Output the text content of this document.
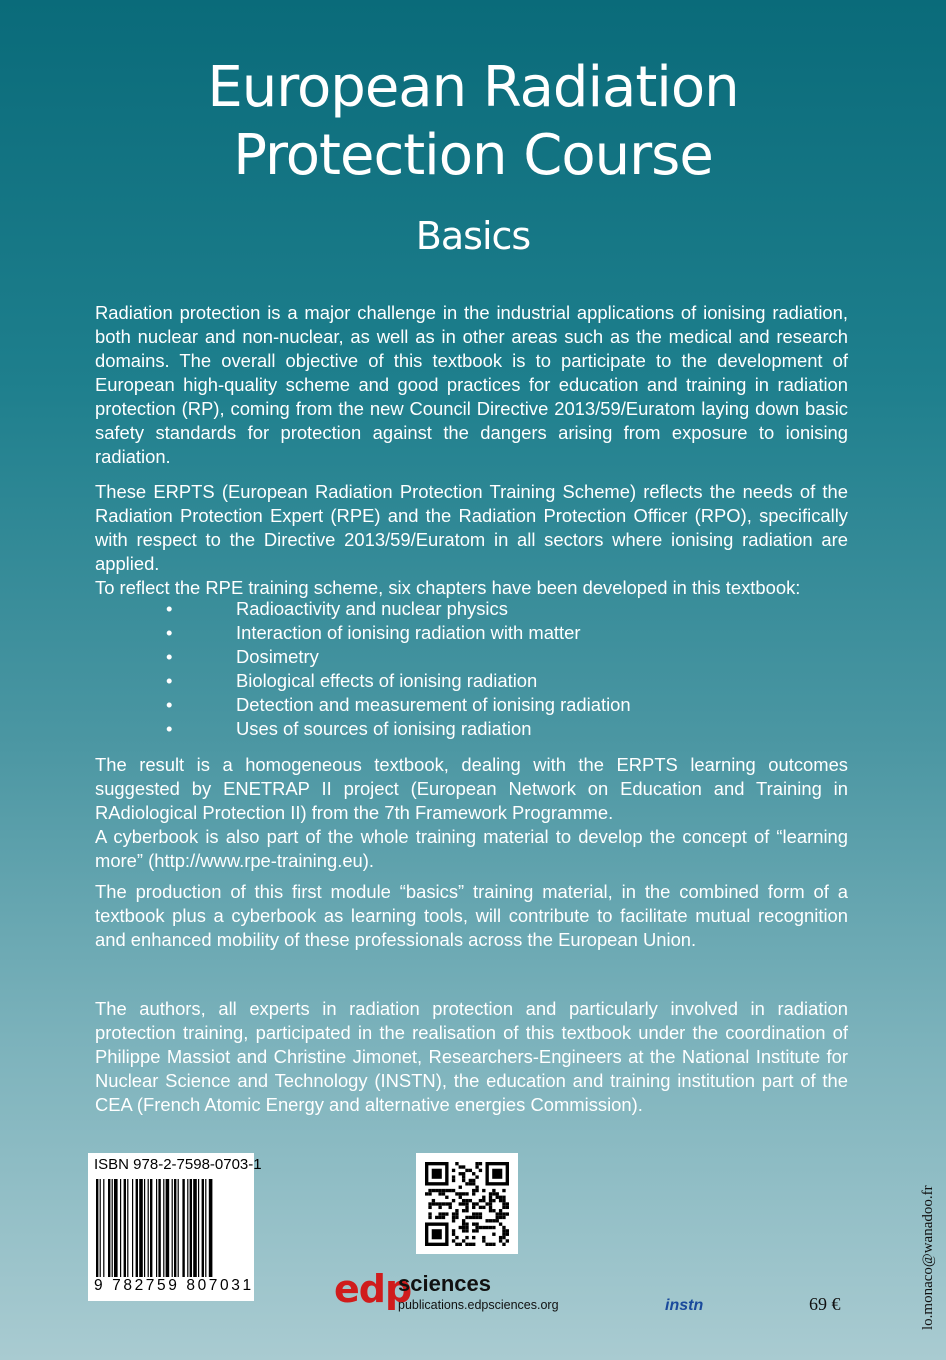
European Radiation
Protection Course
Basics

Radiation protection is a major challenge in the industrial applications of ionising radiation, both nuclear and non-nuclear, as well as in other areas such as the medical and research domains. The overall objective of this textbook is to participate to the development of European high-quality scheme and good practices for education and training in radiation protection (RP), coming from the new Council Directive 2013/59/Euratom laying down basic safety standards for protection against the dangers arising from exposure to ionising radiation.

These ERPTS (European Radiation Protection Training Scheme) reflects the needs of the Radiation Protection Expert (RPE) and the Radiation Protection Officer (RPO), specifically with respect to the Directive 2013/59/Euratom in all sectors where ionising radiation are applied.

To reflect the RPE training scheme, six chapters have been developed in this textbook:

•	Radioactivity and nuclear physics
•	Interaction of ionising radiation with matter
•	Dosimetry
•	Biological effects of ionising radiation
•	Detection and measurement of ionising radiation
•	Uses of sources of ionising radiation

The result is a homogeneous textbook, dealing with the ERPTS learning outcomes suggested by ENETRAP II project (European Network on Education and Training in RAdiological Protection II) from the 7th Framework Programme.

A cyberbook is also part of the whole training material to develop the concept of “learning more” (http://www.rpe-training.eu).

The production of this first module “basics” training material, in the combined form of a textbook plus a cyberbook as learning tools, will contribute to facilitate mutual recognition and enhanced mobility of these professionals across the European Union.

The authors, all experts in radiation protection and particularly involved in radiation protection training, participated in the realisation of this textbook under the coordination of Philippe Massiot and Christine Jimonet, Researchers-Engineers at the National Institute for Nuclear Science and Technology (INSTN), the education and training institution part of the CEA (French Atomic Energy and alternative energies Commission).

ISBN 978-2-7598-0703-1
9 782759 807031 edp
sciences
publications.edpsciences.org	instn	69 €	lo.monaco@wanadoo.fr
